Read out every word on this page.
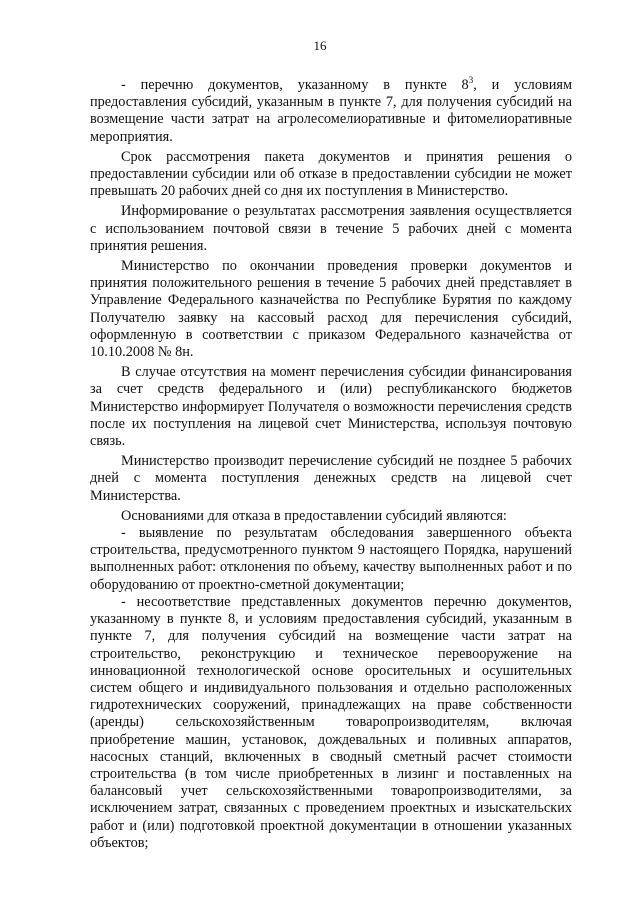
16

- перечню документов, указанному в пункте $8^3$, и условиям предоставления субсидий, указанным в пункте 7, для получения субсидий на возмещение части затрат на агролесомелиоративные и фитомелиоративные мероприятия.

Срок рассмотрения пакета документов и принятия решения о предоставлении субсидии или об отказе в предоставлении субсидии не может превышать 20 рабочих дней со дня их поступления в Министерство.

Информирование о результатах рассмотрения заявления осуществляется с использованием почтовой связи в течение 5 рабочих дней с момента принятия решения.

Министерство по окончании проведения проверки документов и принятия положительного решения в течение 5 рабочих дней представляет в Управление Федерального казначейства по Республике Бурятия по каждому Получателю заявку на кассовый расход для перечисления субсидий, оформленную в соответствии с приказом Федерального казначейства от 10.10.2008 № 8н.

В случае отсутствия на момент перечисления субсидии финансирования за счет средств федерального и (или) республиканского бюджетов Министерство информирует Получателя о возможности перечисления средств после их поступления на лицевой счет Министерства, используя почтовую связь.

Министерство производит перечисление субсидий не позднее 5 рабочих дней с момента поступления денежных средств на лицевой счет Министерства.

Основаниями для отказа в предоставлении субсидий являются:

- выявление по результатам обследования завершенного объекта строительства, предусмотренного пунктом 9 настоящего Порядка, нарушений выполненных работ: отклонения по объему, качеству выполненных работ и по оборудованию от проектно-сметной документации;

- несоответствие представленных документов перечню документов, указанному в пункте 8, и условиям предоставления субсидий, указанным в пункте 7, для получения субсидий на возмещение части затрат на строительство, реконструкцию и техническое перевооружение на инновационной технологической основе оросительных и осушительных систем общего и индивидуального пользования и отдельно расположенных гидротехнических сооружений, принадлежащих на праве собственности (аренды) сельскохозяйственным товаропроизводителям, включая приобретение машин, установок, дождевальных и поливных аппаратов, насосных станций, включенных в сводный сметный расчет стоимости строительства (в том числе приобретенных в лизинг и поставленных на балансовый учет сельскохозяйственными товаропроизводителями, за исключением затрат, связанных с проведением проектных и изыскательских работ и (или) подготовкой проектной документации в отношении указанных объектов;
